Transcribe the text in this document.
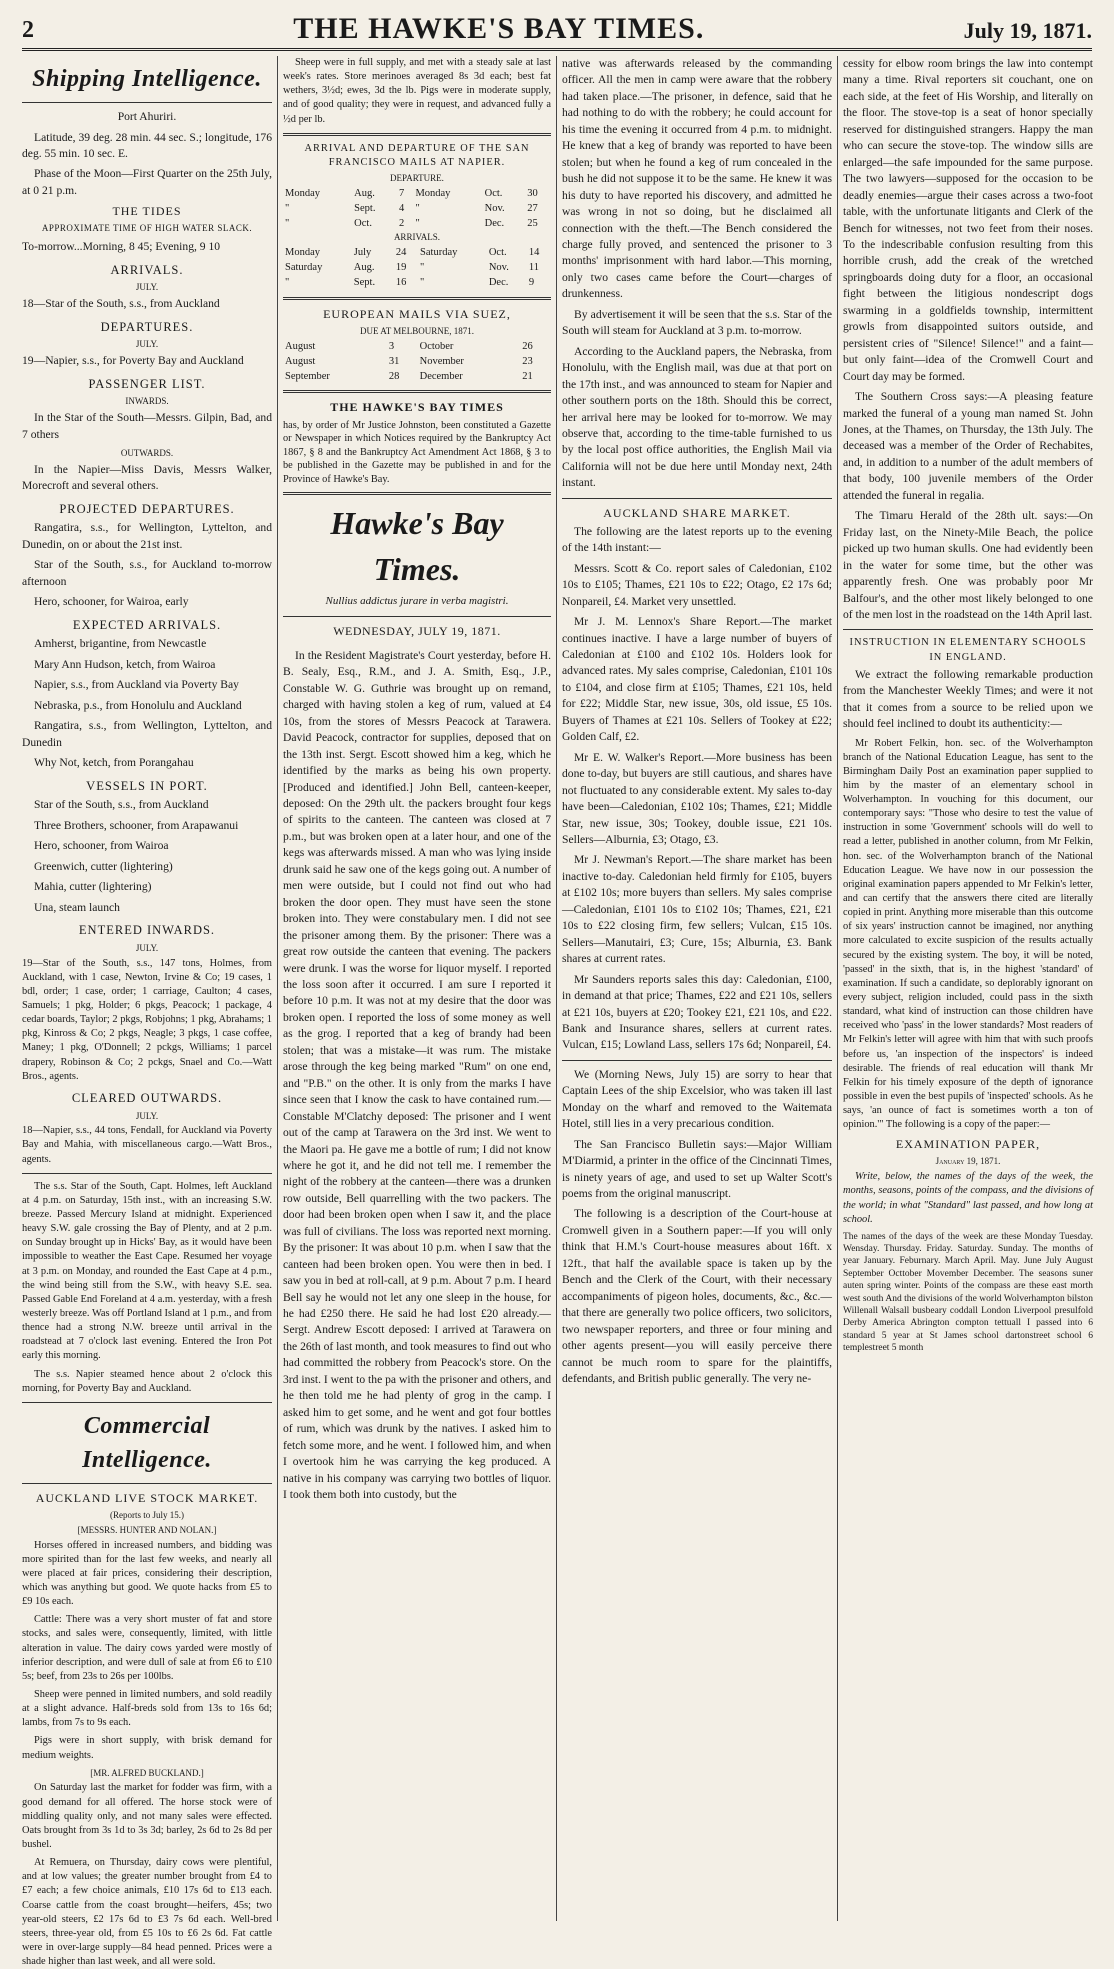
2	THE HAWKE'S BAY TIMES.	July 19, 1871.
Shipping Intelligence.

Port Ahuriri.

Latitude, 39 deg. 28 min. 44 sec. S.; longitude, 176 deg. 55 min. 10 sec. E.

Phase of the Moon—First Quarter on the 25th July, at 0 21 p.m.

THE TIDES
APPROXIMATE TIME OF HIGH WATER SLACK.

To-morrow...Morning, 8 45; Evening, 9 10

ARRIVALS.
JULY.

18—Star of the South, s.s., from Auckland

DEPARTURES.
JULY.

19—Napier, s.s., for Poverty Bay and Auckland

PASSENGER LIST.
INWARDS.

In the Star of the South—Messrs. Gilpin, Bad, and 7 others

OUTWARDS.

In the Napier—Miss Davis, Messrs Walker, Morecroft and several others.

PROJECTED DEPARTURES.

Rangatira, s.s., for Wellington, Lyttelton, and Dunedin, on or about the 21st inst.

Star of the South, s.s., for Auckland to-morrow afternoon

Hero, schooner, for Wairoa, early

EXPECTED ARRIVALS.

Amherst, brigantine, from Newcastle

Mary Ann Hudson, ketch, from Wairoa

Napier, s.s., from Auckland via Poverty Bay

Nebraska, p.s., from Honolulu and Auckland

Rangatira, s.s., from Wellington, Lyttelton, and Dunedin

Why Not, ketch, from Porangahau

VESSELS IN PORT.

Star of the South, s.s., from Auckland

Three Brothers, schooner, from Arapawanui

Hero, schooner, from Wairoa

Greenwich, cutter (lightering)

Mahia, cutter (lightering)

Una, steam launch

ENTERED INWARDS.
JULY.

19—Star of the South, s.s., 147 tons, Holmes, from Auckland, with 1 case, Newton, Irvine & Co; 19 cases, 1 bdl, order; 1 case, order; 1 carriage, Caulton; 4 cases, Samuels; 1 pkg, Holder; 6 pkgs, Peacock; 1 package, 4 cedar boards, Taylor; 2 pkgs, Robjohns; 1 pkg, Abrahams; 1 pkg, Kinross & Co; 2 pkgs, Neagle; 3 pkgs, 1 case coffee, Maney; 1 pkg, O'Donnell; 2 pckgs, Williams; 1 parcel drapery, Robinson & Co; 2 pckgs, Snael and Co.—Watt Bros., agents.

CLEARED OUTWARDS.
JULY.

18—Napier, s.s., 44 tons, Fendall, for Auckland via Poverty Bay and Mahia, with miscellaneous cargo.—Watt Bros., agents.

The s.s. Star of the South, Capt. Holmes, left Auckland at 4 p.m. on Saturday, 15th inst., with an increasing S.W. breeze. Passed Mercury Island at midnight. Experienced heavy S.W. gale crossing the Bay of Plenty, and at 2 p.m. on Sunday brought up in Hicks' Bay, as it would have been impossible to weather the East Cape. Resumed her voyage at 3 p.m. on Monday, and rounded the East Cape at 4 p.m., the wind being still from the S.W., with heavy S.E. sea. Passed Gable End Foreland at 4 a.m. yesterday, with a fresh westerly breeze. Was off Portland Island at 1 p.m., and from thence had a strong N.W. breeze until arrival in the roadstead at 7 o'clock last evening. Entered the Iron Pot early this morning.

The s.s. Napier steamed hence about 2 o'clock this morning, for Poverty Bay and Auckland.

Commercial Intelligence.
AUCKLAND LIVE STOCK MARKET.
(Reports to July 15.)
[MESSRS. HUNTER AND NOLAN.]

Horses offered in increased numbers, and bidding was more spirited than for the last few weeks, and nearly all were placed at fair prices, considering their description, which was anything but good. We quote hacks from £5 to £9 10s each.

Cattle: There was a very short muster of fat and store stocks, and sales were, consequently, limited, with little alteration in value. The dairy cows yarded were mostly of inferior description, and were dull of sale at from £6 to £10 5s; beef, from 23s to 26s per 100lbs.

Sheep were penned in limited numbers, and sold readily at a slight advance. Half-breds sold from 13s to 16s 6d; lambs, from 7s to 9s each.

Pigs were in short supply, with brisk demand for medium weights.

[MR. ALFRED BUCKLAND.]

On Saturday last the market for fodder was firm, with a good demand for all offered. The horse stock were of middling quality only, and not many sales were effected. Oats brought from 3s 1d to 3s 3d; barley, 2s 6d to 2s 8d per bushel.

At Remuera, on Thursday, dairy cows were plentiful, and at low values; the greater number brought from £4 to £7 each; a few choice animals, £10 17s 6d to £13 each. Coarse cattle from the coast brought—heifers, 45s; two year-old steers, £2 17s 6d to £3 7s 6d each. Well-bred steers, three-year old, from £5 10s to £6 2s 6d. Fat cattle were in over-large supply—84 head penned. Prices were a shade higher than last week, and all were sold.

Sheep were in full supply, and met with a steady sale at last week's rates. Store merinoes averaged 8s 3d each; best fat wethers, 3½d; ewes, 3d the lb. Pigs were in moderate supply, and of good quality; they were in request, and advanced fully a ½d per lb.

ARRIVAL AND DEPARTURE OF THE SAN FRANCISCO MAILS AT NAPIER.
DEPARTURE.
Monday	Aug.	7	Monday	Oct.	30
"	Sept.	4	"	Nov.	27
"	Oct.	2	"	Dec.	25
ARRIVALS.
Monday	July	24	Saturday	Oct.	14
Saturday	Aug.	19	"	Nov.	11
"	Sept.	16	"	Dec.	9
EUROPEAN MAILS VIA SUEZ,
DUE AT MELBOURNE, 1871.
August	3	October	26
August	31	November	23
September	28	December	21
THE HAWKE'S BAY TIMES

has, by order of Mr Justice Johnston, been constituted a Gazette or Newspaper in which Notices required by the Bankruptcy Act 1867, § 8 and the Bankruptcy Act Amendment Act 1868, § 3 to be published in the Gazette may be published in and for the Province of Hawke's Bay.

Hawke's Bay Times.
Nullius addictus jurare in verba magistri.
WEDNESDAY, JULY 19, 1871.

In the Resident Magistrate's Court yesterday, before H. B. Sealy, Esq., R.M., and J. A. Smith, Esq., J.P., Constable W. G. Guthrie was brought up on remand, charged with having stolen a keg of rum, valued at £4 10s, from the stores of Messrs Peacock at Tarawera. David Peacock, contractor for supplies, deposed that on the 13th inst. Sergt. Escott showed him a keg, which he identified by the marks as being his own property. [Produced and identified.] John Bell, canteen-keeper, deposed: On the 29th ult. the packers brought four kegs of spirits to the canteen. The canteen was closed at 7 p.m., but was broken open at a later hour, and one of the kegs was afterwards missed. A man who was lying inside drunk said he saw one of the kegs going out. A number of men were outside, but I could not find out who had broken the door open. They must have seen the stone broken into. They were constabulary men. I did not see the prisoner among them. By the prisoner: There was a great row outside the canteen that evening. The packers were drunk. I was the worse for liquor myself. I reported the loss soon after it occurred. I am sure I reported it before 10 p.m. It was not at my desire that the door was broken open. I reported the loss of some money as well as the grog. I reported that a keg of brandy had been stolen; that was a mistake—it was rum. The mistake arose through the keg being marked "Rum" on one end, and "P.B." on the other. It is only from the marks I have since seen that I know the cask to have contained rum.—Constable M'Clatchy deposed: The prisoner and I went out of the camp at Tarawera on the 3rd inst. We went to the Maori pa. He gave me a bottle of rum; I did not know where he got it, and he did not tell me. I remember the night of the robbery at the canteen—there was a drunken row outside, Bell quarrelling with the two packers. The door had been broken open when I saw it, and the place was full of civilians. The loss was reported next morning. By the prisoner: It was about 10 p.m. when I saw that the canteen had been broken open. You were then in bed. I saw you in bed at roll-call, at 9 p.m. About 7 p.m. I heard Bell say he would not let any one sleep in the house, for he had £250 there. He said he had lost £20 already.—Sergt. Andrew Escott deposed: I arrived at Tarawera on the 26th of last month, and took measures to find out who had committed the robbery from Peacock's store. On the 3rd inst. I went to the pa with the prisoner and others, and he then told me he had plenty of grog in the camp. I asked him to get some, and he went and got four bottles of rum, which was drunk by the natives. I asked him to fetch some more, and he went. I followed him, and when I overtook him he was carrying the keg produced. A native in his company was carrying two bottles of liquor. I took them both into custody, but the

native was afterwards released by the commanding officer. All the men in camp were aware that the robbery had taken place.—The prisoner, in defence, said that he had nothing to do with the robbery; he could account for his time the evening it occurred from 4 p.m. to midnight. He knew that a keg of brandy was reported to have been stolen; but when he found a keg of rum concealed in the bush he did not suppose it to be the same. He knew it was his duty to have reported his discovery, and admitted he was wrong in not so doing, but he disclaimed all connection with the theft.—The Bench considered the charge fully proved, and sentenced the prisoner to 3 months' imprisonment with hard labor.—This morning, only two cases came before the Court—charges of drunkenness.

By advertisement it will be seen that the s.s. Star of the South will steam for Auckland at 3 p.m. to-morrow.

According to the Auckland papers, the Nebraska, from Honolulu, with the English mail, was due at that port on the 17th inst., and was announced to steam for Napier and other southern ports on the 18th. Should this be correct, her arrival here may be looked for to-morrow. We may observe that, according to the time-table furnished to us by the local post office authorities, the English Mail via California will not be due here until Monday next, 24th instant.

AUCKLAND SHARE MARKET.

The following are the latest reports up to the evening of the 14th instant:—

Messrs. Scott & Co. report sales of Caledonian, £102 10s to £105; Thames, £21 10s to £22; Otago, £2 17s 6d; Nonpareil, £4. Market very unsettled.

Mr J. M. Lennox's Share Report.—The market continues inactive. I have a large number of buyers of Caledonian at £100 and £102 10s. Holders look for advanced rates. My sales comprise, Caledonian, £101 10s to £104, and close firm at £105; Thames, £21 10s, held for £22; Middle Star, new issue, 30s, old issue, £5 10s. Buyers of Thames at £21 10s. Sellers of Tookey at £22; Golden Calf, £2.

Mr E. W. Walker's Report.—More business has been done to-day, but buyers are still cautious, and shares have not fluctuated to any considerable extent. My sales to-day have been—Caledonian, £102 10s; Thames, £21; Middle Star, new issue, 30s; Tookey, double issue, £21 10s. Sellers—Alburnia, £3; Otago, £3.

Mr J. Newman's Report.—The share market has been inactive to-day. Caledonian held firmly for £105, buyers at £102 10s; more buyers than sellers. My sales comprise—Caledonian, £101 10s to £102 10s; Thames, £21, £21 10s to £22 closing firm, few sellers; Vulcan, £15 10s. Sellers—Manutairi, £3; Cure, 15s; Alburnia, £3. Bank shares at current rates.

Mr Saunders reports sales this day: Caledonian, £100, in demand at that price; Thames, £22 and £21 10s, sellers at £21 10s, buyers at £20; Tookey £21, £21 10s, and £22. Bank and Insurance shares, sellers at current rates. Vulcan, £15; Lowland Lass, sellers 17s 6d; Nonpareil, £4.

We (Morning News, July 15) are sorry to hear that Captain Lees of the ship Excelsior, who was taken ill last Monday on the wharf and removed to the Waitemata Hotel, still lies in a very precarious condition.

The San Francisco Bulletin says:—Major William M'Diarmid, a printer in the office of the Cincinnati Times, is ninety years of age, and used to set up Walter Scott's poems from the original manuscript.

The following is a description of the Court-house at Cromwell given in a Southern paper:—If you will only think that H.M.'s Court-house measures about 16ft. x 12ft., that half the available space is taken up by the Bench and the Clerk of the Court, with their necessary accompaniments of pigeon holes, documents, &c., &c.—that there are generally two police officers, two solicitors, two newspaper reporters, and three or four mining and other agents present—you will easily perceive there cannot be much room to spare for the plaintiffs, defendants, and British public generally. The very ne-

cessity for elbow room brings the law into contempt many a time. Rival reporters sit couchant, one on each side, at the feet of His Worship, and literally on the floor. The stove-top is a seat of honor specially reserved for distinguished strangers. Happy the man who can secure the stove-top. The window sills are enlarged—the safe impounded for the same purpose. The two lawyers—supposed for the occasion to be deadly enemies—argue their cases across a two-foot table, with the unfortunate litigants and Clerk of the Bench for witnesses, not two feet from their noses. To the indescribable confusion resulting from this horrible crush, add the creak of the wretched springboards doing duty for a floor, an occasional fight between the litigious nondescript dogs swarming in a goldfields township, intermittent growls from disappointed suitors outside, and persistent cries of "Silence! Silence!" and a faint—but only faint—idea of the Cromwell Court and Court day may be formed.

The Southern Cross says:—A pleasing feature marked the funeral of a young man named St. John Jones, at the Thames, on Thursday, the 13th July. The deceased was a member of the Order of Rechabites, and, in addition to a number of the adult members of that body, 100 juvenile members of the Order attended the funeral in regalia.

The Timaru Herald of the 28th ult. says:—On Friday last, on the Ninety-Mile Beach, the police picked up two human skulls. One had evidently been in the water for some time, but the other was apparently fresh. One was probably poor Mr Balfour's, and the other most likely belonged to one of the men lost in the roadstead on the 14th April last.

INSTRUCTION IN ELEMENTARY SCHOOLS IN ENGLAND.

We extract the following remarkable production from the Manchester Weekly Times; and were it not that it comes from a source to be relied upon we should feel inclined to doubt its authenticity:—

Mr Robert Felkin, hon. sec. of the Wolverhampton branch of the National Education League, has sent to the Birmingham Daily Post an examination paper supplied to him by the master of an elementary school in Wolverhampton. In vouching for this document, our contemporary says: "Those who desire to test the value of instruction in some 'Government' schools will do well to read a letter, published in another column, from Mr Felkin, hon. sec. of the Wolverhampton branch of the National Education League. We have now in our possession the original examination papers appended to Mr Felkin's letter, and can certify that the answers there cited are literally copied in print. Anything more miserable than this outcome of six years' instruction cannot be imagined, nor anything more calculated to excite suspicion of the results actually secured by the existing system. The boy, it will be noted, 'passed' in the sixth, that is, in the highest 'standard' of examination. If such a candidate, so deplorably ignorant on every subject, religion included, could pass in the sixth standard, what kind of instruction can those children have received who 'pass' in the lower standards? Most readers of Mr Felkin's letter will agree with him that with such proofs before us, 'an inspection of the inspectors' is indeed desirable. The friends of real education will thank Mr Felkin for his timely exposure of the depth of ignorance possible in even the best pupils of 'inspected' schools. As he says, 'an ounce of fact is sometimes worth a ton of opinion.'" The following is a copy of the paper:—

EXAMINATION PAPER,
January 19, 1871.

Write, below, the names of the days of the week, the months, seasons, points of the compass, and the divisions of the world; in what "Standard" last passed, and how long at school.

The names of the days of the week are these Monday Tuesday. Wensday. Thursday. Friday. Saturday. Sunday. The months of year January. Feburnary. March April. May. June July August September Octtober Movember December. The seasons suner auten spring winter. Points of the compass are these east morth west south And the divisions of the world Wolverhampton bilston Willenall Walsall busbeary coddall London Liverpool presulfold Derby America Abrington compton tettuall I passed into 6 standard 5 year at St James school dartonstreet school 6 templestreet 5 month
